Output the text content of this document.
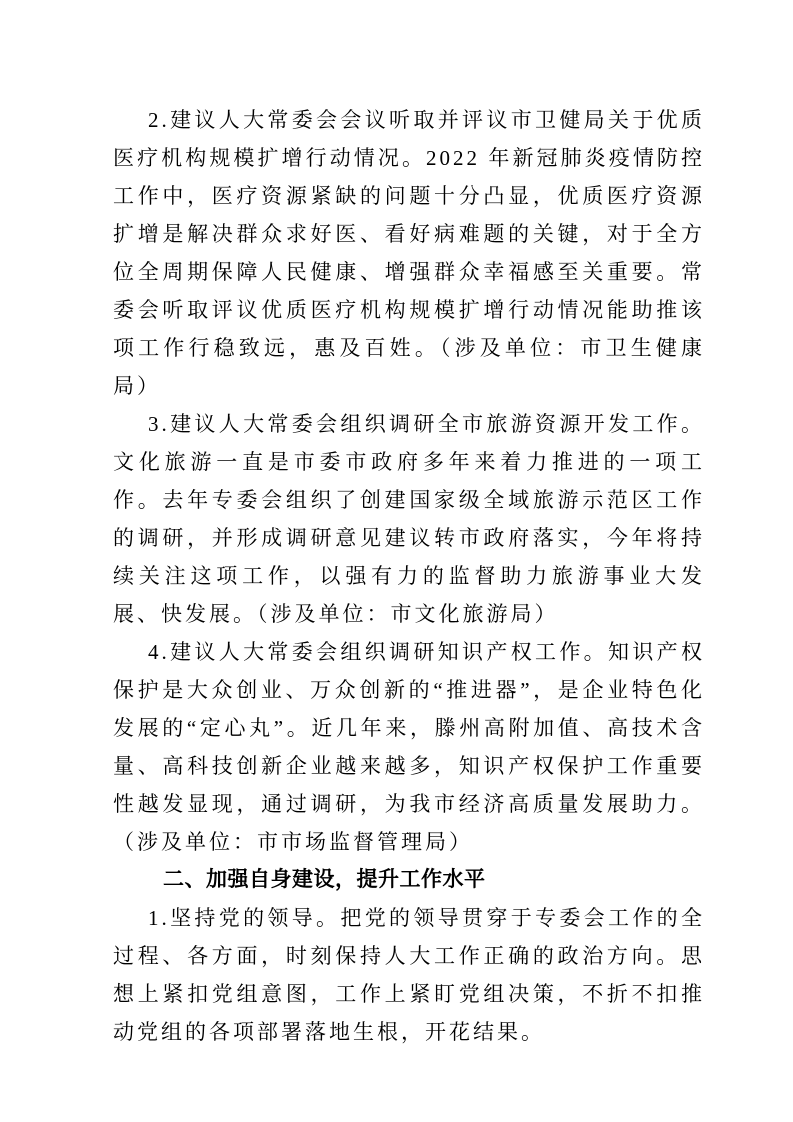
2.建议人大常委会会议听取并评议市卫健局关于优质医疗机构规模扩增行动情况。2022 年新冠肺炎疫情防控工作中，医疗资源紧缺的问题十分凸显，优质医疗资源扩增是解决群众求好医、看好病难题的关键，对于全方位全周期保障人民健康、增强群众幸福感至关重要。常委会听取评议优质医疗机构规模扩增行动情况能助推该项工作行稳致远，惠及百姓。（涉及单位：市卫生健康局）

3.建议人大常委会组织调研全市旅游资源开发工作。文化旅游一直是市委市政府多年来着力推进的一项工作。去年专委会组织了创建国家级全域旅游示范区工作的调研，并形成调研意见建议转市政府落实，今年将持续关注这项工作，以强有力的监督助力旅游事业大发展、快发展。（涉及单位：市文化旅游局）

4.建议人大常委会组织调研知识产权工作。知识产权保护是大众创业、万众创新的“推进器”，是企业特色化发展的“定心丸”。近几年来，滕州高附加值、高技术含量、高科技创新企业越来越多，知识产权保护工作重要性越发显现，通过调研，为我市经济高质量发展助力。（涉及单位：市市场监督管理局）

二、加强自身建设，提升工作水平

1.坚持党的领导。把党的领导贯穿于专委会工作的全过程、各方面，时刻保持人大工作正确的政治方向。思想上紧扣党组意图，工作上紧盯党组决策，不折不扣推动党组的各项部署落地生根，开花结果。
